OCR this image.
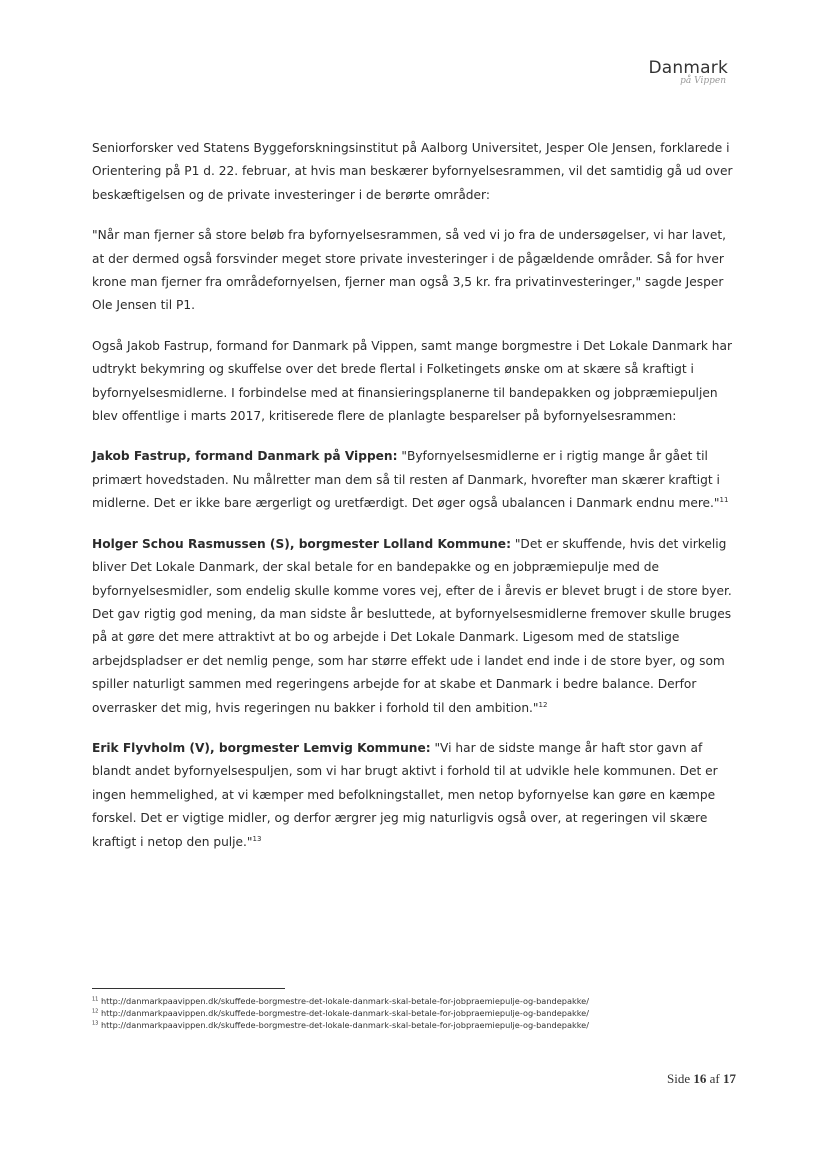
Danmark
på Vippen

Seniorforsker ved Statens Byggeforskningsinstitut på Aalborg Universitet, Jesper Ole Jensen, forklarede i Orientering på P1 d. 22. februar, at hvis man beskærer byfornyelsesrammen, vil det samtidig gå ud over beskæftigelsen og de private investeringer i de berørte områder:

"Når man fjerner så store beløb fra byfornyelsesrammen, så ved vi jo fra de undersøgelser, vi har lavet, at der dermed også forsvinder meget store private investeringer i de pågældende områder. Så for hver krone man fjerner fra områdefornyelsen, fjerner man også 3,5 kr. fra privatinvesteringer," sagde Jesper Ole Jensen til P1.

Også Jakob Fastrup, formand for Danmark på Vippen, samt mange borgmestre i Det Lokale Danmark har udtrykt bekymring og skuffelse over det brede flertal i Folketingets ønske om at skære så kraftigt i byfornyelsesmidlerne. I forbindelse med at finansieringsplanerne til bandepakken og jobpræmiepuljen blev offentlige i marts 2017, kritiserede flere de planlagte besparelser på byfornyelsesrammen:

Jakob Fastrup, formand Danmark på Vippen: "Byfornyelsesmidlerne er i rigtig mange år gået til primært hovedstaden. Nu målretter man dem så til resten af Danmark, hvorefter man skærer kraftigt i midlerne. Det er ikke bare ærgerligt og uretfærdigt. Det øger også ubalancen i Danmark endnu mere."$^{11}$

Holger Schou Rasmussen (S), borgmester Lolland Kommune: "Det er skuffende, hvis det virkelig bliver Det Lokale Danmark, der skal betale for en bandepakke og en jobpræmiepulje med de byfornyelsesmidler, som endelig skulle komme vores vej, efter de i årevis er blevet brugt i de store byer. Det gav rigtig god mening, da man sidste år besluttede, at byfornyelsesmidlerne fremover skulle bruges på at gøre det mere attraktivt at bo og arbejde i Det Lokale Danmark. Ligesom med de statslige arbejdspladser er det nemlig penge, som har større effekt ude i landet end inde i de store byer, og som spiller naturligt sammen med regeringens arbejde for at skabe et Danmark i bedre balance. Derfor overrasker det mig, hvis regeringen nu bakker i forhold til den ambition."$^{12}$

Erik Flyvholm (V), borgmester Lemvig Kommune: "Vi har de sidste mange år haft stor gavn af blandt andet byfornyelsespuljen, som vi har brugt aktivt i forhold til at udvikle hele kommunen. Det er ingen hemmelighed, at vi kæmper med befolkningstallet, men netop byfornyelse kan gøre en kæmpe forskel. Det er vigtige midler, og derfor ærgrer jeg mig naturligvis også over, at regeringen vil skære kraftigt i netop den pulje."$^{13}$

$^{11}$ http://danmarkpaavippen.dk/skuffede-borgmestre-det-lokale-danmark-skal-betale-for-jobpraemiepulje-og-bandepakke/
$^{12}$ http://danmarkpaavippen.dk/skuffede-borgmestre-det-lokale-danmark-skal-betale-for-jobpraemiepulje-og-bandepakke/
$^{13}$ http://danmarkpaavippen.dk/skuffede-borgmestre-det-lokale-danmark-skal-betale-for-jobpraemiepulje-og-bandepakke/
Side 16 af 17
